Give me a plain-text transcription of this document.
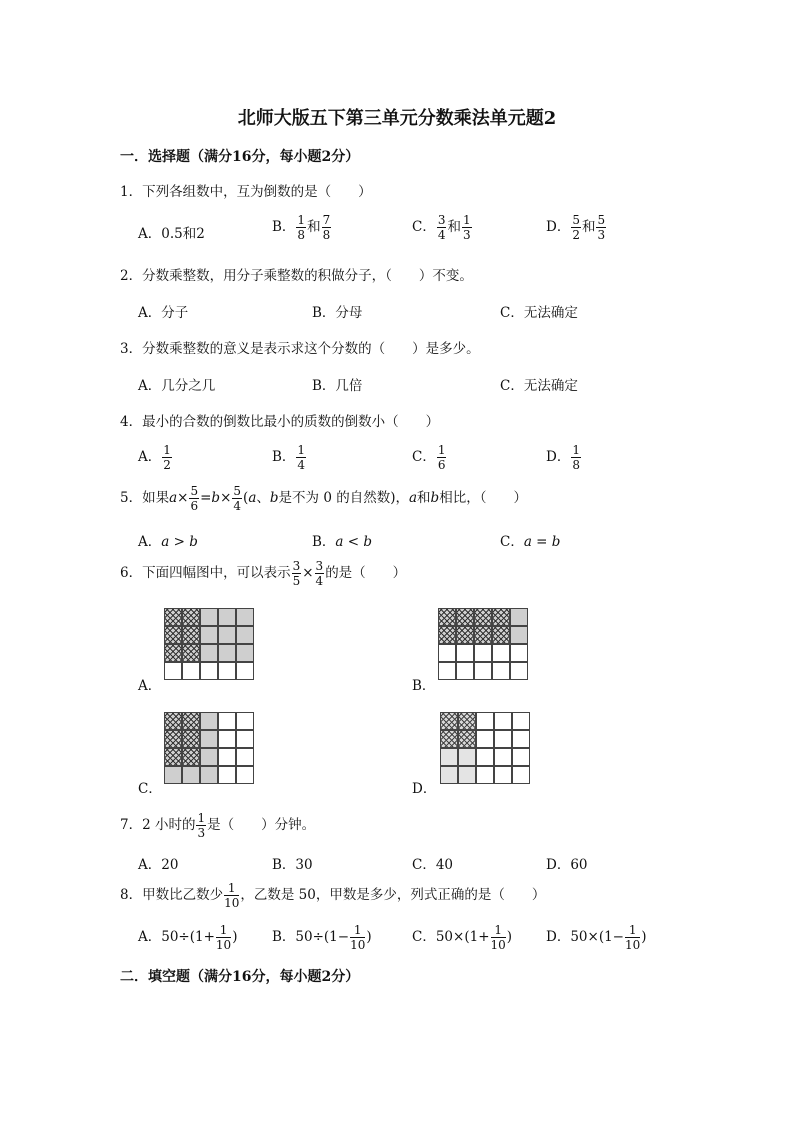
北师大版五下第三单元分数乘法单元题2
一．选择题（满分16分，每小题2分）
1．下列各组数中，互为倒数的是（　　）
A．0.5和2	B． $\frac{1}{8}$ 和 $\frac{7}{8}$	C． $\frac{3}{4}$ 和 $\frac{1}{3}$	D． $\frac{5}{2}$ 和 $\frac{5}{3}$
2．分数乘整数，用分子乘整数的积做分子，（　　）不变。
A．分子	B．分母	C．无法确定
3．分数乘整数的意义是表示求这个分数的（　　）是多少。
A．几分之几	B．几倍	C．无法确定
4．最小的合数的倒数比最小的质数的倒数小（　　）
A． $\frac{1}{2}$	B． $\frac{1}{4}$	C． $\frac{1}{6}$	D． $\frac{1}{8}$
5．如果$a\times \frac{5}{6} =b\times \frac{5}{4} (a$、b是不为 0 的自然数)，a和b相比，（　　）
A．a > b	B．a < b	C．a = b
6．下面四幅图中，可以表示 $\frac{3}{5} \times \frac{3}{4}$ 的是（　　）
A．	B．
C．	D．
7．2 小时的 $\frac{1}{3}$ 是（　　）分钟。
A．20	B．30	C．40	D．60
8．甲数比乙数少 $\frac{1}{10}$ ，乙数是 50，甲数是多少，列式正确的是（　　）
A．$50\div(1+ \frac{1}{10}$ )	B．$50\div(1- \frac{1}{10}$ )	C．$50\times(1+ \frac{1}{10}$ )	D．$50\times(1- \frac{1}{10}$ )
二．填空题（满分16分，每小题2分）
